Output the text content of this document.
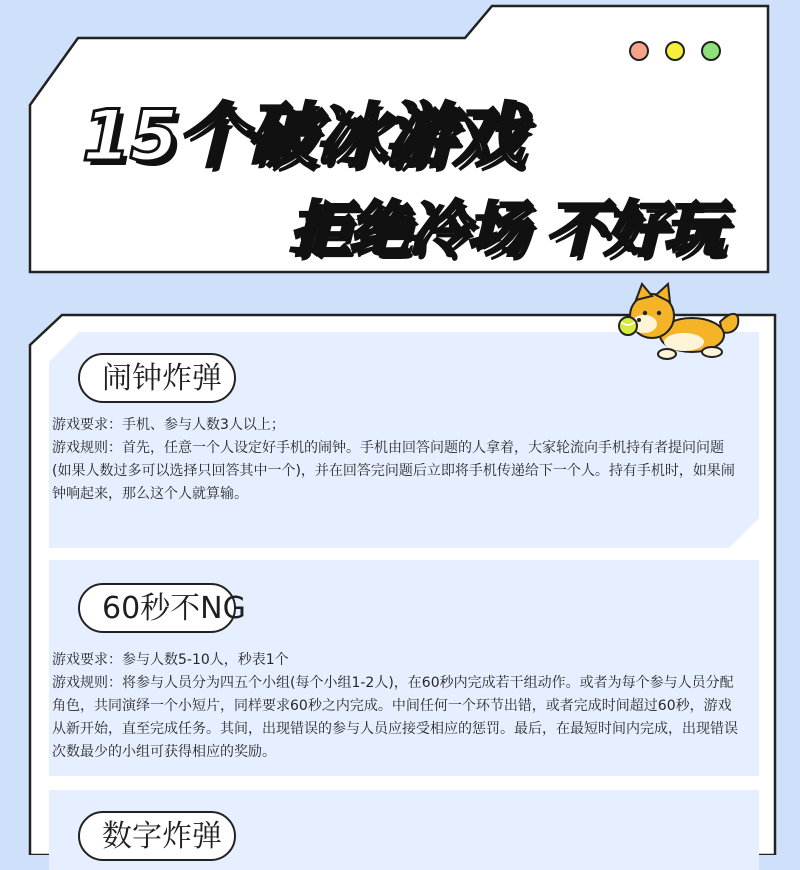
15个破冰游戏
拒绝冷场 不好玩
闹钟炸弹

游戏要求：手机、参与人数3人以上；

游戏规则：首先，任意一个人设定好手机的闹钟。手机由回答问题的人拿着，大家轮流向手机持有者提问问题(如果人数过多可以选择只回答其中一个)，并在回答完问题后立即将手机传递给下一个人。持有手机时，如果闹钟响起来，那么这个人就算输。

60秒不NG

游戏要求：参与人数5-10人，秒表1个

游戏规则：将参与人员分为四五个小组(每个小组1-2人)，在60秒内完成若干组动作。或者为每个参与人员分配角色，共同演绎一个小短片，同样要求60秒之内完成。中间任何一个环节出错，或者完成时间超过60秒，游戏从新开始，直至完成任务。其间，出现错误的参与人员应接受相应的惩罚。最后，在最短时间内完成，出现错误次数最少的小组可获得相应的奖励。

数字炸弹
